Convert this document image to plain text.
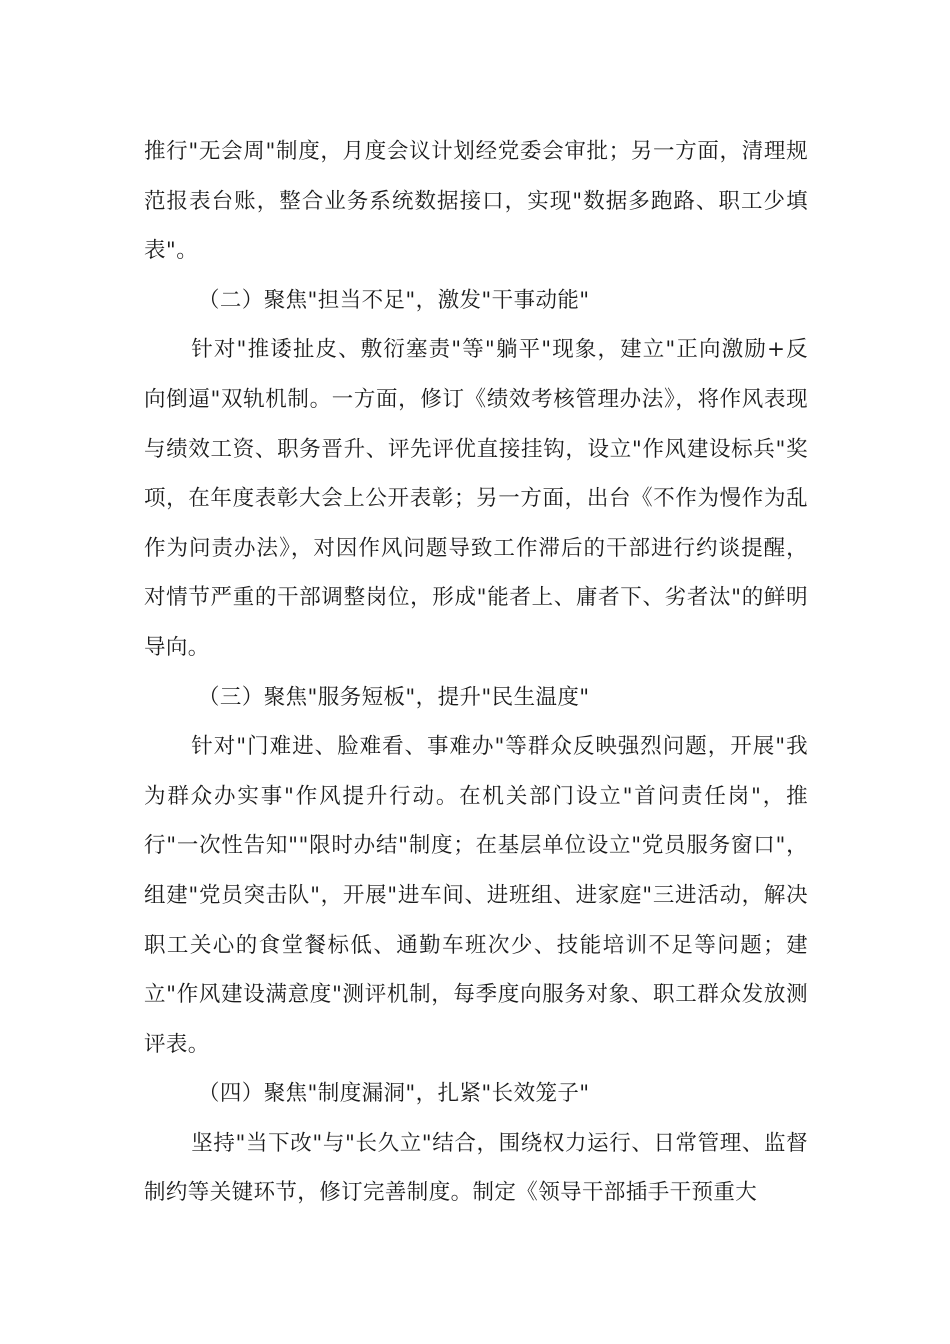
推行"无会周"制度，月度会议计划经党委会审批；另一方面，清理规范报表台账，整合业务系统数据接口，实现"数据多跑路、职工少填表"。

（二）聚焦"担当不足"，激发"干事动能"

针对"推诿扯皮、敷衍塞责"等"躺平"现象，建立"正向激励+反向倒逼"双轨机制。一方面，修订《绩效考核管理办法》，将作风表现与绩效工资、职务晋升、评先评优直接挂钩，设立"作风建设标兵"奖项，在年度表彰大会上公开表彰；另一方面，出台《不作为慢作为乱作为问责办法》，对因作风问题导致工作滞后的干部进行约谈提醒，对情节严重的干部调整岗位，形成"能者上、庸者下、劣者汰"的鲜明导向。

（三）聚焦"服务短板"，提升"民生温度"

针对"门难进、脸难看、事难办"等群众反映强烈问题，开展"我为群众办实事"作风提升行动。在机关部门设立"首问责任岗"，推行"一次性告知""限时办结"制度；在基层单位设立"党员服务窗口"，组建"党员突击队"，开展"进车间、进班组、进家庭"三进活动，解决职工关心的食堂餐标低、通勤车班次少、技能培训不足等问题；建立"作风建设满意度"测评机制，每季度向服务对象、职工群众发放测评表。

（四）聚焦"制度漏洞"，扎紧"长效笼子"

坚持"当下改"与"长久立"结合，围绕权力运行、日常管理、监督制约等关键环节，修订完善制度。制定《领导干部插手干预重大
